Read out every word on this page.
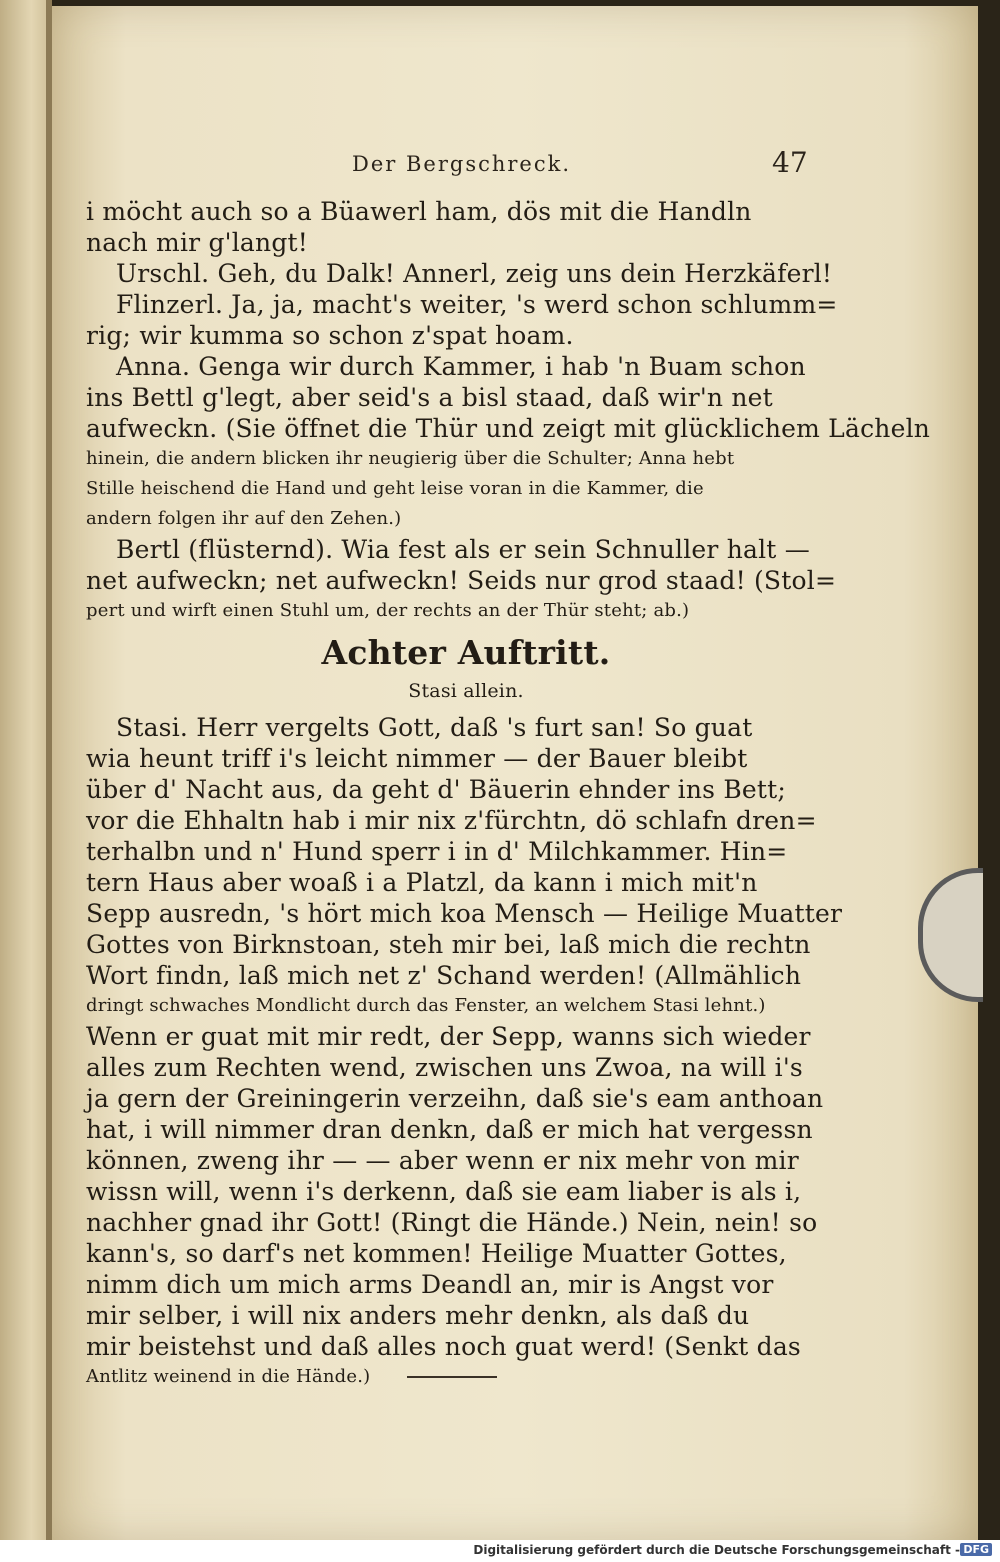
Der Bergschreck.	47
i möcht auch so a Büawerl ham, dös mit die Handln
nach mir g'langt!
Urschl. Geh, du Dalk! Annerl, zeig uns dein Herzkäferl!
Flinzerl. Ja, ja, macht's weiter, 's werd schon schlumm=
rig; wir kumma so schon z'spat hoam.
Anna. Genga wir durch Kammer, i hab 'n Buam schon
ins Bettl g'legt, aber seid's a bisl staad, daß wir'n net
aufweckn. (Sie öffnet die Thür und zeigt mit glücklichem Lächeln
hinein, die andern blicken ihr neugierig über die Schulter; Anna hebt
Stille heischend die Hand und geht leise voran in die Kammer, die
andern folgen ihr auf den Zehen.)
Bertl (flüsternd). Wia fest als er sein Schnuller halt —
net aufweckn; net aufweckn! Seids nur grod staad! (Stol=
pert und wirft einen Stuhl um, der rechts an der Thür steht; ab.)
Achter Auftritt.
Stasi allein.
Stasi. Herr vergelts Gott, daß 's furt san! So guat
wia heunt triff i's leicht nimmer — der Bauer bleibt
über d' Nacht aus, da geht d' Bäuerin ehnder ins Bett;
vor die Ehhaltn hab i mir nix z'fürchtn, dö schlafn dren=
terhalbn und n' Hund sperr i in d' Milchkammer. Hin=
tern Haus aber woaß i a Platzl, da kann i mich mit'n
Sepp ausredn, 's hört mich koa Mensch — Heilige Muatter
Gottes von Birknstoan, steh mir bei, laß mich die rechtn
Wort findn, laß mich net z' Schand werden! (Allmählich
dringt schwaches Mondlicht durch das Fenster, an welchem Stasi lehnt.)
Wenn er guat mit mir redt, der Sepp, wanns sich wieder
alles zum Rechten wend, zwischen uns Zwoa, na will i's
ja gern der Greiningerin verzeihn, daß sie's eam anthoan
hat, i will nimmer dran denkn, daß er mich hat vergessn
können, zweng ihr — — aber wenn er nix mehr von mir
wissn will, wenn i's derkenn, daß sie eam liaber is als i,
nachher gnad ihr Gott! (Ringt die Hände.) Nein, nein! so
kann's, so darf's net kommen! Heilige Muatter Gottes,
nimm dich um mich arms Deandl an, mir is Angst vor
mir selber, i will nix anders mehr denkn, als daß du
mir beistehst und daß alles noch guat werd! (Senkt das
Antlitz weinend in die Hände.)
Digitalisierung gefördert durch die Deutsche Forschungsgemeinschaft - DFG
